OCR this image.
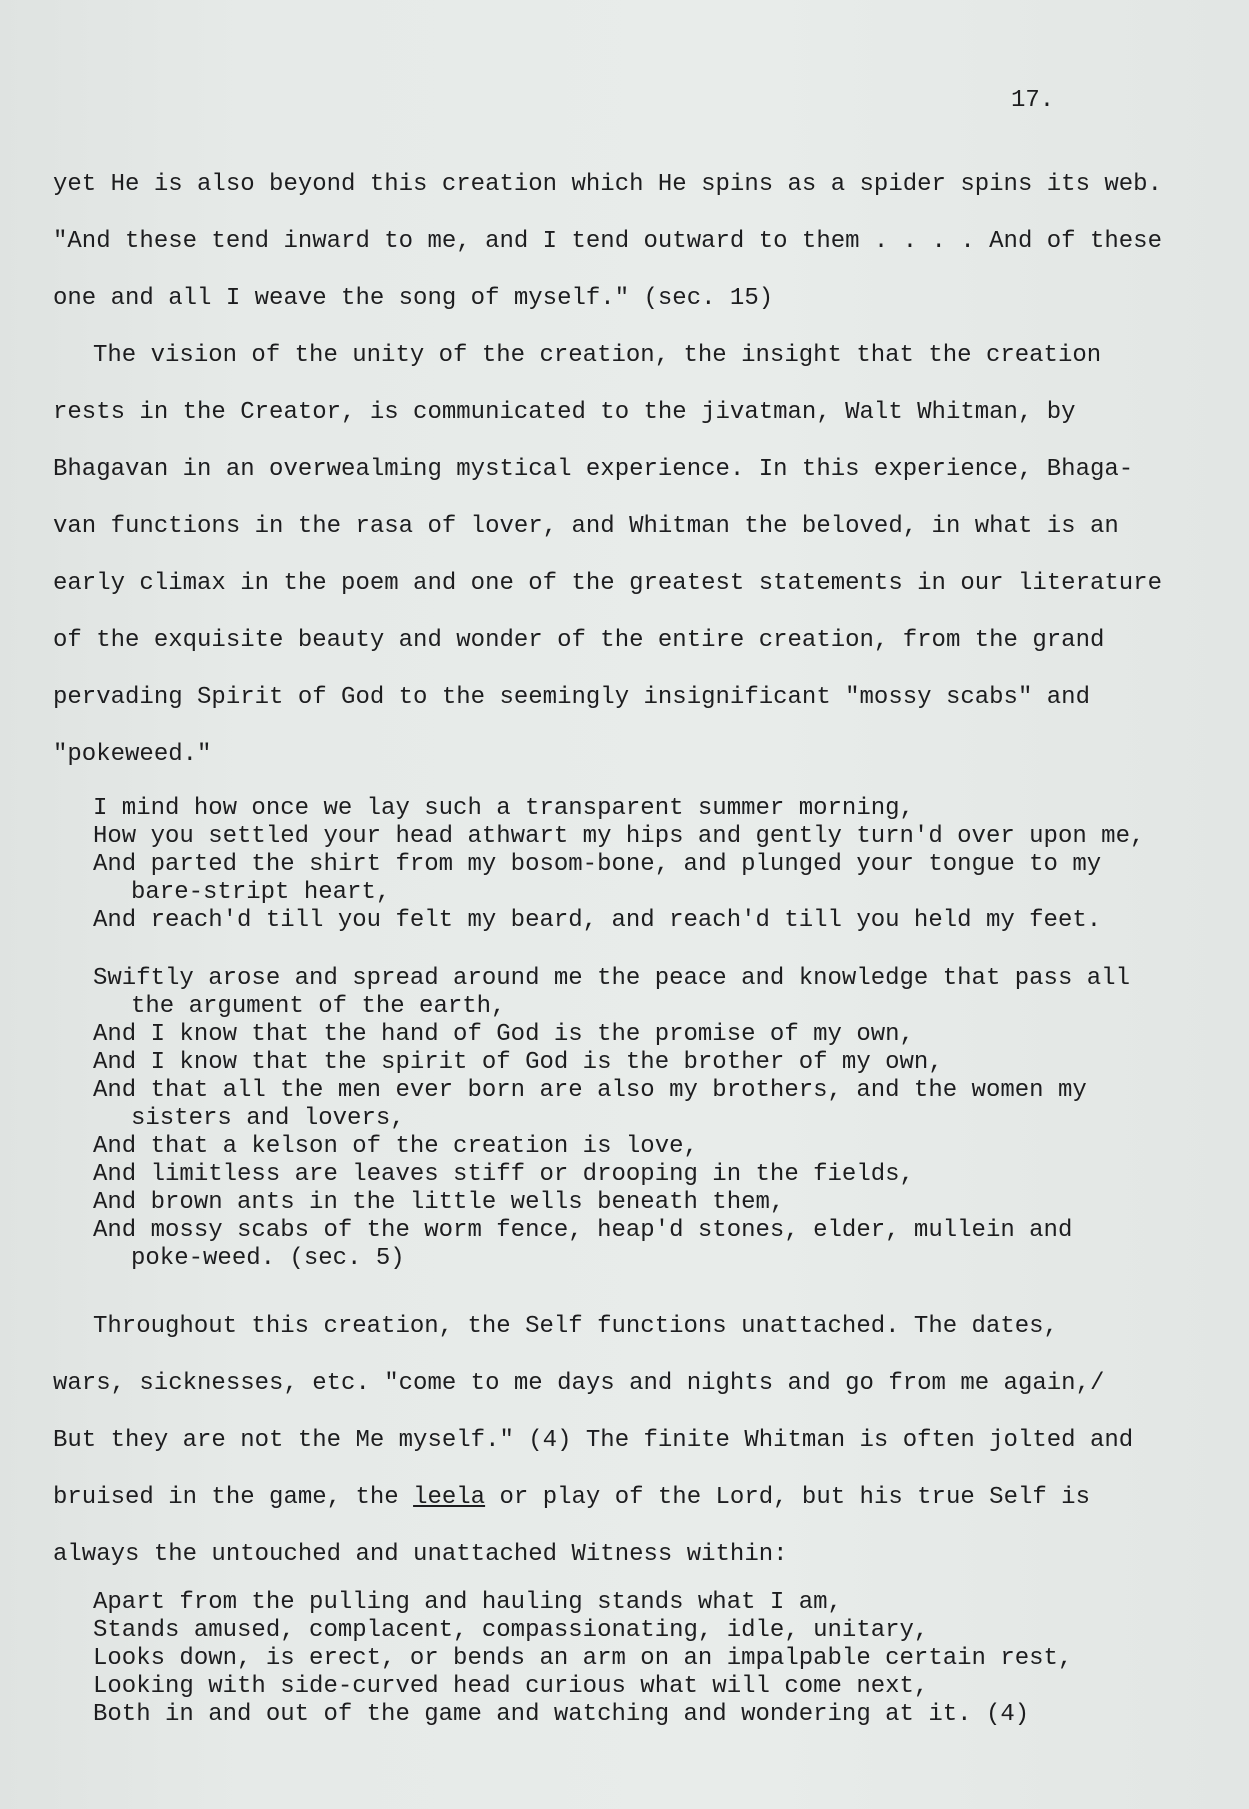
17.

yet He is also beyond this creation which He spins as a spider spins its web.
"And these tend inward to me, and I tend outward to them . . . . And of these
one and all I weave the song of myself." (sec. 15)

The vision of the unity of the creation, the insight that the creation
rests in the Creator, is communicated to the jivatman, Walt Whitman, by
Bhagavan in an overwealming mystical experience. In this experience, Bhaga-
van functions in the rasa of lover, and Whitman the beloved, in what is an
early climax in the poem and one of the greatest statements in our literature
of the exquisite beauty and wonder of the entire creation, from the grand
pervading Spirit of God to the seemingly insignificant "mossy scabs" and
"pokeweed."

I mind how once we lay such a transparent summer morning,
How you settled your head athwart my hips and gently turn'd over upon me,
And parted the shirt from my bosom-bone, and plunged your tongue to my
bare-stript heart,
And reach'd till you felt my beard, and reach'd till you held my feet.
Swiftly arose and spread around me the peace and knowledge that pass all
the argument of the earth,
And I know that the hand of God is the promise of my own,
And I know that the spirit of God is the brother of my own,
And that all the men ever born are also my brothers, and the women my
sisters and lovers,
And that a kelson of the creation is love,
And limitless are leaves stiff or drooping in the fields,
And brown ants in the little wells beneath them,
And mossy scabs of the worm fence, heap'd stones, elder, mullein and
poke-weed. (sec. 5)

Throughout this creation, the Self functions unattached. The dates,
wars, sicknesses, etc. "come to me days and nights and go from me again,/
But they are not the Me myself." (4) The finite Whitman is often jolted and
bruised in the game, the leela or play of the Lord, but his true Self is
always the untouched and unattached Witness within:

Apart from the pulling and hauling stands what I am,
Stands amused, complacent, compassionating, idle, unitary,
Looks down, is erect, or bends an arm on an impalpable certain rest,
Looking with side-curved head curious what will come next,
Both in and out of the game and watching and wondering at it. (4)
